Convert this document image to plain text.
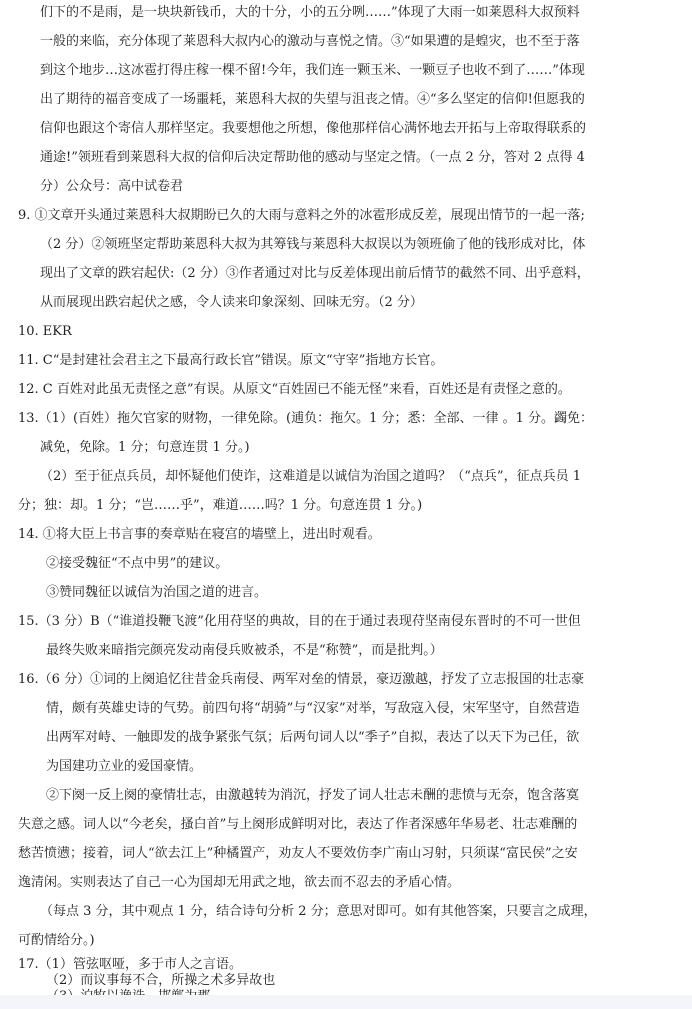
们下的不是雨，是一块块新钱币，大的十分，小的五分咧……”体现了大雨一如莱恩科大叔预料
一般的来临，充分体现了莱恩科大叔内心的激动与喜悦之情。③“如果遭的是蝗灾，也不至于落
到这个地步…这冰雹打得庄稼一棵不留!今年，我们连一颗玉米、一颗豆子也收不到了……”体现
出了期待的福音变成了一场噩耗，莱恩科大叔的失望与沮丧之情。④“多么坚定的信仰!但愿我的
信仰也跟这个寄信人那样坚定。我要想他之所想，像他那样信心满怀地去开拓与上帝取得联系的
通途!”领班看到莱恩科大叔的信仰后决定帮助他的感动与坚定之情。（一点 2 分，答对 2 点得 4
分）公众号：高中试卷君
9. ①文章开头通过莱恩科大叔期盼已久的大雨与意料之外的冰雹形成反差，展现出情节的一起一落;
（2 分）②领班坚定帮助莱恩科大叔为其筹钱与莱恩科大叔误以为领班偷了他的钱形成对比，体
现出了文章的跌宕起伏:（2 分）③作者通过对比与反差体现出前后情节的截然不同、出乎意料，
从而展现出跌宕起伏之感，令人读来印象深刻、回味无穷。（2 分）
10. EKR
11. C“是封建社会君主之下最高行政长官”错误。原文“守宰”指地方长官。
12. C 百姓对此虽无责怪之意”有误。从原文“百姓固已不能无怪”来看，百姓还是有责怪之意的。
13.（1）(百姓）拖欠官家的财物，一律免除。(逋负：拖欠。1 分；悉：全部、一律 。1 分。蠲免：
减免，免除。1 分；句意连贯 1 分。)
（2）至于征点兵员，却怀疑他们使诈，这难道是以诚信为治国之道吗？（“点兵”，征点兵员 1
分；独：却。1 分；“岂……乎”，难道……吗？1 分。句意连贯 1 分。)
14. ①将大臣上书言事的奏章贴在寝宫的墙壁上，进出时观看。
②接受魏征“不点中男”的建议。
③赞同魏征以诚信为治国之道的进言。
15.（3 分）B（“谁道投鞭飞渡”化用苻坚的典故，目的在于通过表现苻坚南侵东晋时的不可一世但
最终失败来暗指完颜亮发动南侵兵败被杀，不是“称赞”，而是批判。）
16.（6 分）①词的上阕追忆往昔金兵南侵、两军对垒的情景，豪迈激越，抒发了立志报国的壮志豪
情，颇有英雄史诗的气势。前四句将“胡骑”与“汉家”对举，写敌寇入侵，宋军坚守，自然营造
出两军对峙、一触即发的战争紧张气氛；后两句词人以“季子”自拟，表达了以天下为己任，欲
为国建功立业的爱国豪情。
②下阕一反上阕的豪情壮志，由激越转为消沉，抒发了词人壮志未酬的悲愤与无奈，饱含落寞
失意之感。词人以“今老矣，搔白首”与上阕形成鲜明对比，表达了作者深感年华易老、壮志难酬的
愁苦愤懑；接着，词人“欲去江上”种橘置产，劝友人不要效仿李广南山习射，只须谋“富民侯”之安
逸清闲。实则表达了自己一心为国却无用武之地，欲去而不忍去的矛盾心情。
（每点 3 分，其中观点 1 分，结合诗句分析 2 分；意思对即可。如有其他答案，只要言之成理，
可酌情给分。)
17.（1）管弦呕哑，多于市人之言语。
（2）而议事每不合，所操之术多异故也
